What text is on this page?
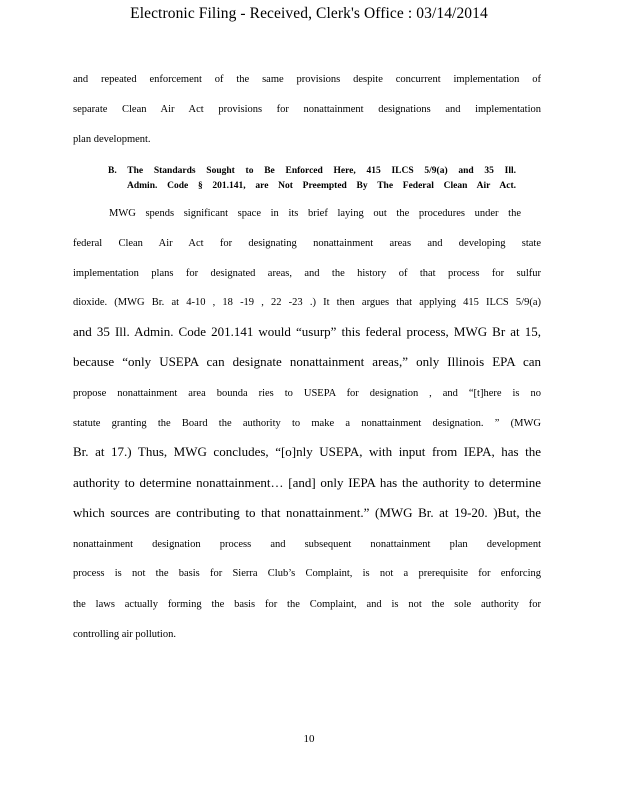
Electronic Filing - Received, Clerk's Office : 03/14/2014
and repeated enforcement of the same provisions despite concurrent implementation of
separate Clean Air Act provisions for nonattainment designations and implementation
plan development.
B. The Standards Sought to Be Enforced Here, 415 ILCS 5/9(a) and 35 Ill.
Admin. Code § 201.141, are Not Preempted By The Federal Clean Air Act.
MWG spends significant space in its brief laying out the procedures under the
federal Clean Air Act for designating nonattainment areas and developing state
implementation plans for designated areas, and the history of that process for sulfur
dioxide. (MWG Br. at 4-10 , 18 -19 , 22 -23 .) It then argues that applying 415 ILCS 5/9(a)
and 35 Ill. Admin. Code 201.141 would “usurp” this federal process, MWG Br at 15,
because “only USEPA can designate nonattainment areas,” only Illinois EPA can
propose nonattainment area bounda ries to USEPA for designation , and “[t]here is no
statute granting the Board the authority to make a nonattainment designation. ” (MWG
Br. at 17.) Thus, MWG concludes, “[o]nly USEPA, with input from IEPA, has the
authority to determine nonattainment… [and] only IEPA has the authority to determine
which sources are contributing to that nonattainment.” (MWG Br. at 19-20. )But, the
nonattainment designation process and subsequent nonattainment plan development
process is not the basis for Sierra Club’s Complaint, is not a prerequisite for enforcing
the laws actually forming the basis for the Complaint, and is not the sole authority for
controlling air pollution.
10
